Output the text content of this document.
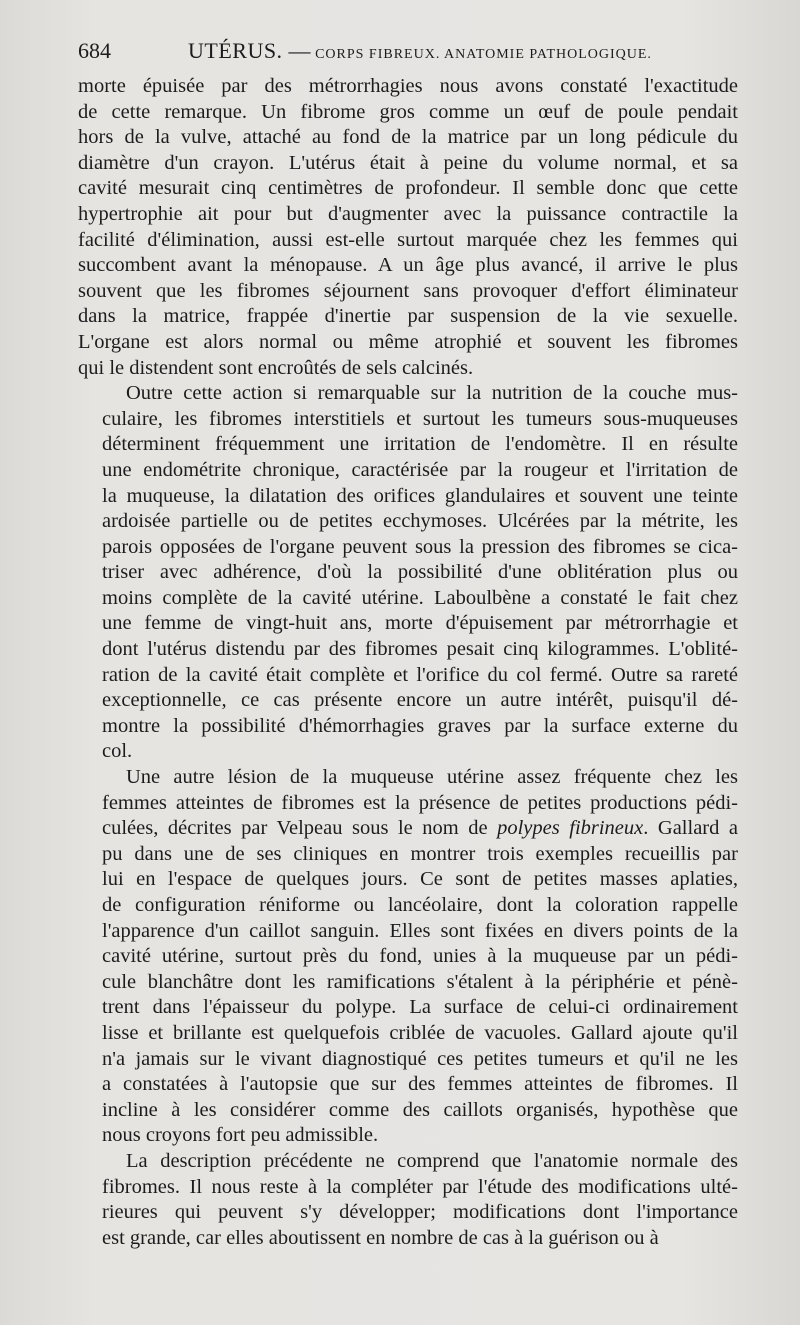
684	UTÉRUS. — CORPS FIBREUX. ANATOMIE PATHOLOGIQUE.
morte épuisée par des métrorrhagies nous avons constaté l'exactitude
de cette remarque. Un fibrome gros comme un œuf de poule pendait
hors de la vulve, attaché au fond de la matrice par un long pédicule du
diamètre d'un crayon. L'utérus était à peine du volume normal, et sa
cavité mesurait cinq centimètres de profondeur. Il semble donc que cette
hypertrophie ait pour but d'augmenter avec la puissance contractile la
facilité d'élimination, aussi est-elle surtout marquée chez les femmes qui
succombent avant la ménopause. A un âge plus avancé, il arrive le plus
souvent que les fibromes séjournent sans provoquer d'effort éliminateur
dans la matrice, frappée d'inertie par suspension de la vie sexuelle.
L'organe est alors normal ou même atrophié et souvent les fibromes
qui le distendent sont encroûtés de sels calcinés.
Outre cette action si remarquable sur la nutrition de la couche mus-
culaire, les fibromes interstitiels et surtout les tumeurs sous-muqueuses
déterminent fréquemment une irritation de l'endomètre. Il en résulte
une endométrite chronique, caractérisée par la rougeur et l'irritation de
la muqueuse, la dilatation des orifices glandulaires et souvent une teinte
ardoisée partielle ou de petites ecchymoses. Ulcérées par la métrite, les
parois opposées de l'organe peuvent sous la pression des fibromes se cica-
triser avec adhérence, d'où la possibilité d'une oblitération plus ou
moins complète de la cavité utérine. Laboulbène a constaté le fait chez
une femme de vingt-huit ans, morte d'épuisement par métrorrhagie et
dont l'utérus distendu par des fibromes pesait cinq kilogrammes. L'oblité-
ration de la cavité était complète et l'orifice du col fermé. Outre sa rareté
exceptionnelle, ce cas présente encore un autre intérêt, puisqu'il dé-
montre la possibilité d'hémorrhagies graves par la surface externe du
col.
Une autre lésion de la muqueuse utérine assez fréquente chez les
femmes atteintes de fibromes est la présence de petites productions pédi-
culées, décrites par Velpeau sous le nom de polypes fibrineux. Gallard a
pu dans une de ses cliniques en montrer trois exemples recueillis par
lui en l'espace de quelques jours. Ce sont de petites masses aplaties,
de configuration réniforme ou lancéolaire, dont la coloration rappelle
l'apparence d'un caillot sanguin. Elles sont fixées en divers points de la
cavité utérine, surtout près du fond, unies à la muqueuse par un pédi-
cule blanchâtre dont les ramifications s'étalent à la périphérie et pénè-
trent dans l'épaisseur du polype. La surface de celui-ci ordinairement
lisse et brillante est quelquefois criblée de vacuoles. Gallard ajoute qu'il
n'a jamais sur le vivant diagnostiqué ces petites tumeurs et qu'il ne les
a constatées à l'autopsie que sur des femmes atteintes de fibromes. Il
incline à les considérer comme des caillots organisés, hypothèse que
nous croyons fort peu admissible.
La description précédente ne comprend que l'anatomie normale des
fibromes. Il nous reste à la compléter par l'étude des modifications ulté-
rieures qui peuvent s'y développer; modifications dont l'importance
est grande, car elles aboutissent en nombre de cas à la guérison ou à
